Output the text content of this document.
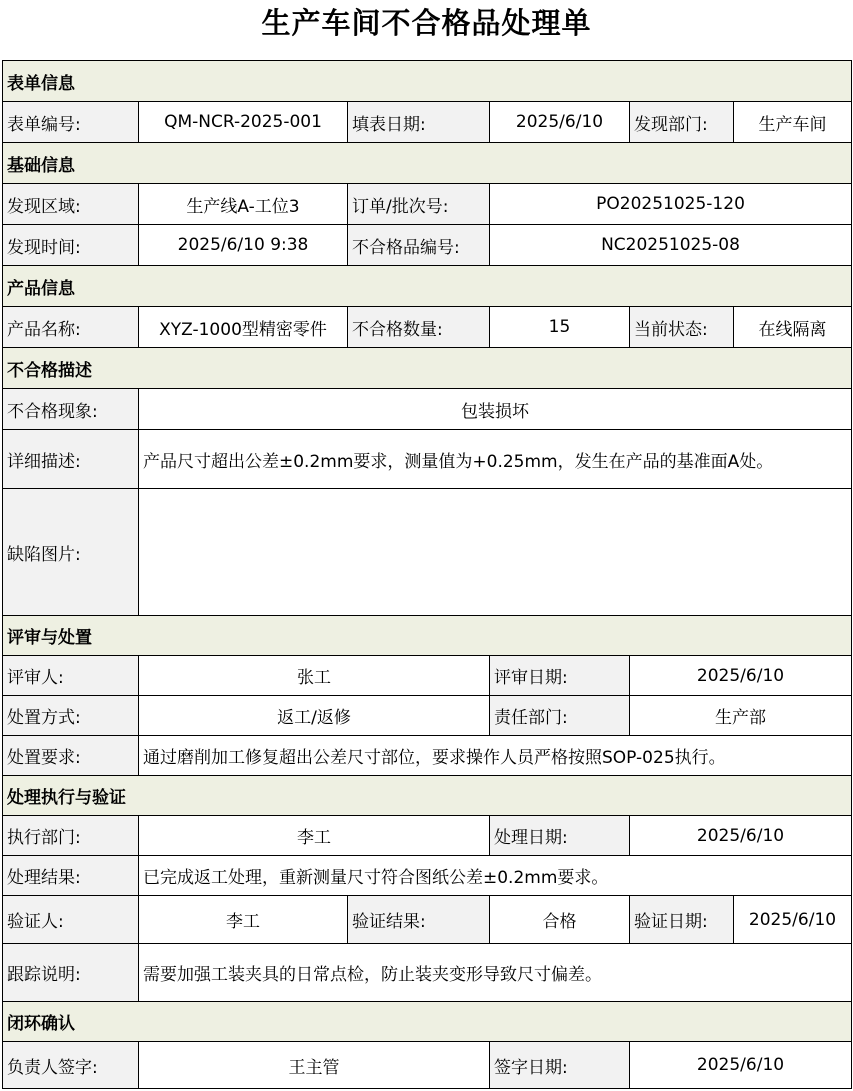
生产车间不合格品处理单
表单信息					
表单编号:	QM-NCR-2025-001	填表日期:	2025/6/10	发现部门:	生产车间
基础信息					
发现区域:	生产线A-工位3	订单/批次号:	PO20251025-120		
发现时间:	2025/6/10 9:38	不合格品编号:	NC20251025-08		
产品信息					
产品名称:	XYZ-1000型精密零件	不合格数量:	15	当前状态:	在线隔离
不合格描述					
不合格现象:	包装损坏				
详细描述:	产品尺寸超出公差±0.2mm要求，测量值为+0.25mm，发生在产品的基准面A处。				
缺陷图片:					
评审与处置					
评审人:	张工		评审日期:	2025/6/10	
处置方式:	返工/返修		责任部门:	生产部	
处置要求:	通过磨削加工修复超出公差尺寸部位，要求操作人员严格按照SOP-025执行。				
处理执行与验证					
执行部门:	李工		处理日期:	2025/6/10	
处理结果:	已完成返工处理，重新测量尺寸符合图纸公差±0.2mm要求。				
验证人:	李工	验证结果:	合格	验证日期:	2025/6/10
跟踪说明:	需要加强工装夹具的日常点检，防止装夹变形导致尺寸偏差。				
闭环确认					
负责人签字:	王主管		签字日期:	2025/6/10	
